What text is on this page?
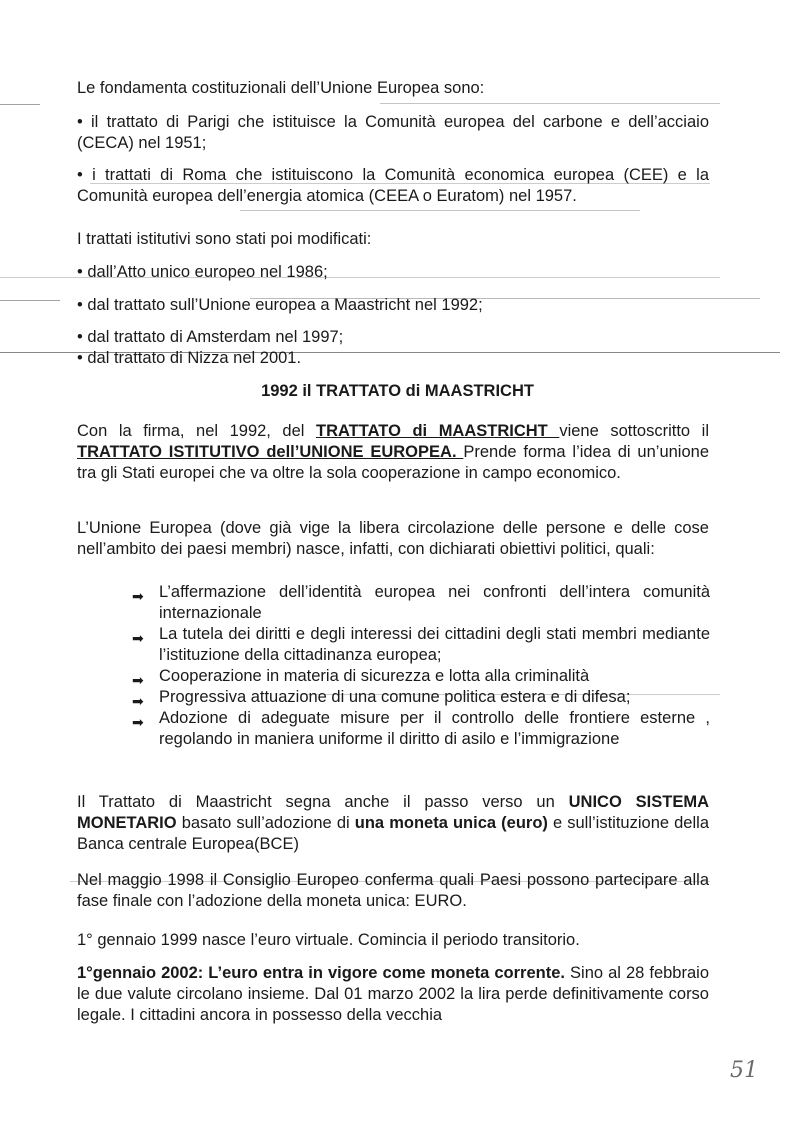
Le fondamenta costituzionali dell’Unione Europea sono:
• il trattato di Parigi che istituisce la Comunità europea del carbone e dell’acciaio (CECA) nel 1951;
• i trattati di Roma che istituiscono la Comunità economica europea (CEE) e la Comunità europea dell’energia atomica (CEEA o Euratom) nel 1957.
I trattati istitutivi sono stati poi modificati:
• dall’Atto unico europeo nel 1986;
• dal trattato sull’Unione europea a Maastricht nel 1992;
• dal trattato di Amsterdam nel 1997;
• dal trattato di Nizza nel 2001.
1992 il TRATTATO di MAASTRICHT
Con la firma, nel 1992, del TRATTATO di MAASTRICHT viene sottoscritto il TRATTATO ISTITUTIVO dell’UNIONE EUROPEA. Prende forma l’idea di un’unione tra gli Stati europei che va oltre la sola cooperazione in campo economico.
L’Unione Europea (dove già vige la libera circolazione delle persone e delle cose nell’ambito dei paesi membri) nasce, infatti, con dichiarati obiettivi politici, quali:
➡ L’affermazione dell’identità europea nei confronti dell’intera comunità internazionale
➡ La tutela dei diritti e degli interessi dei cittadini degli stati membri mediante l’istituzione della cittadinanza europea;
➡ Cooperazione in materia di sicurezza e lotta alla criminalità
➡ Progressiva attuazione di una comune politica estera e di difesa;
➡ Adozione di adeguate misure per il controllo delle frontiere esterne , regolando in maniera uniforme il diritto di asilo e l’immigrazione
Il Trattato di Maastricht segna anche il passo verso un UNICO SISTEMA MONETARIO basato sull’adozione di una moneta unica (euro) e sull’istituzione della Banca centrale Europea(BCE)
Nel maggio 1998 il Consiglio Europeo conferma quali Paesi possono partecipare alla fase finale con l’adozione della moneta unica: EURO.
1° gennaio 1999 nasce l’euro virtuale. Comincia il periodo transitorio.
1°gennaio 2002: L’euro entra in vigore come moneta corrente. Sino al 28 febbraio le due valute circolano insieme. Dal 01 marzo 2002 la lira perde definitivamente corso legale. I cittadini ancora in possesso della vecchia
51
